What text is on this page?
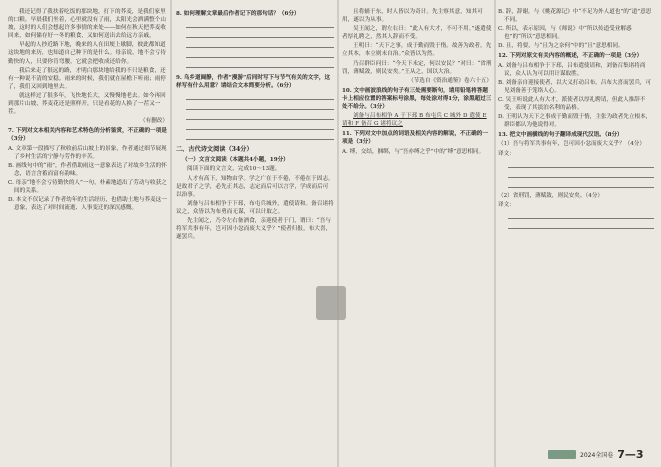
我还记得了我扶着吃饭的那块地，打下的荞麦，是我们家里的口粮。早晨我们坐着，心里就没有了雨，太阳光会洒满整个山坡，这时的人们会想起许多事情的来处——如何在秋天把荞麦收回来，如何储存好一冬的粮食，又如何送出去给远方亲戚。

早起的人抄近路下地，晚来的人在田埂上歇脚，彼此都知道这块地的来历，也知道自己种下的是什么。母亲说，地不会亏待勤快的人，只要你肯弯腰，它就会把收成还给你。

我后来走了很远的路，才明白那块地给我的不只是粮食，还有一种说不清的安稳。雨来的时候，我们就在屋檐下听雨；雨停了，我们又回到地里去。

就这样过了很多年，飞快地长大，又慢慢地老去。如今再回到那片山坡，荞麦花还是照样开，只是看花的人换了一茬又一茬。

（有删改）
7. 下列对文本相关内容和艺术特色的分析鉴赏，不正确的一项是（3分）
A. 文章第一段描写了秋收前后山坡上的景象，作者通过细节展现了乡村生活的宁静与劳作的辛苦。
B. 画线句中的“雨”，作者借助雨这一意象表达了对故乡生活的怀念，语言含蓄而富有韵味。
C. 母亲“地不会亏待勤快的人”一句，朴素地道出了劳动与收获之间的关系。
D. 本文不仅记录了作者幼年的生活经历，也借助土地与荞麦这一意象，表达了对时间流逝、人事变迁的深沉感慨。
8. 如何理解文章最后作者记下的那句话？（6分）
9. 乌乡道阔静，作者“漫游”后同时写下与节气有关的文字，这样写有什么用意？请结合文本简要分析。（6分）
二、古代诗文阅读（34分）
（一）文言文阅读（本题共4小题，19分）

阅读下面的文言文，完成10～13题。

人才有高下，知物由学。学之广在于不倦，不倦在于固志。是故君子之学，必先正其志，志定而后可以言学，学成而后可以治事。

刘备与吕布相争于下邳，布屯兵城外，遣使请和。备召诸将议之，众皆以为布勇而无谋，可以计取之。

先主闻之，乃令左右备酒食，亲迎使者于门，谓曰：“吾与将军共事有年，岂可因小忿而废大义乎？”使者归报，布大喜，遂罢兵。

且将辅于东，时人皆以为奇计。先主察其意，知其可用，遂以为从事。

吴王闻之，谓左右曰：“此人有大才，不可不用。”遂遣使者厚礼聘之，然其人辞而不受。

王明曰：“天下之事，成于勤而毁于惰。故善为政者，先立其本，本立则末自治。”众皆以为然。

乃召群臣问曰：“今天下未定，何以安民？”对曰：“省刑罚，薄赋敛，则民安矣。”王从之，国以大治。

（节选自《资治通鉴》卷六十五）
10. 文中画波浪线的句子有三处需要断句，请用铅笔将答题卡上相应位置的答案标号涂黑，每处涂对得1分，涂黑超过三处不给分。（3分）

刘备与吕布相争 A 于下邳 B 布屯兵 C 城外 D 遣使 E 请和 F 备召 G 诸将议之

11. 下列对文中加点的词语及相关内容的解说，不正确的一项是（3分）
A. 缚，交结，捆绑，与“吾亦缚之乎”中的“缚”意思相同。
B. 辞，辞谢，与《桃花源记》中“不足为外人道也”的“道”意思不同。
C. 所以，表示原因，与《师说》中“所以传道受业解惑也”的“所以”意思相同。
D. 且，将要，与“且为之奈何”中的“且”意思相同。
12. 下列对原文有关内容的概述，不正确的一项是（3分）
A. 刘备与吕布相争于下邳，吕布遣使请和，刘备召集诸将商议，众人认为可以用计谋取胜。
B. 刘备亲自迎接使者，以大义打动吕布，吕布大喜而罢兵，可见刘备善于笼络人心。
C. 吴王听说此人有大才，派使者以厚礼聘请，但此人推辞不受，表现了其淡泊名利的品格。
D. 王明认为天下之事成于勤而毁于惰，主张为政者先立根本，群臣都认为他说得对。
13. 把文中画横线的句子翻译成现代汉语。（8分）
（1）吾与将军共事有年，岂可因小忿而废大义乎？（4分）
译文：
（2）省刑罚，薄赋敛，则民安矣。（4分）
译文：
2024全国卷 7—3
